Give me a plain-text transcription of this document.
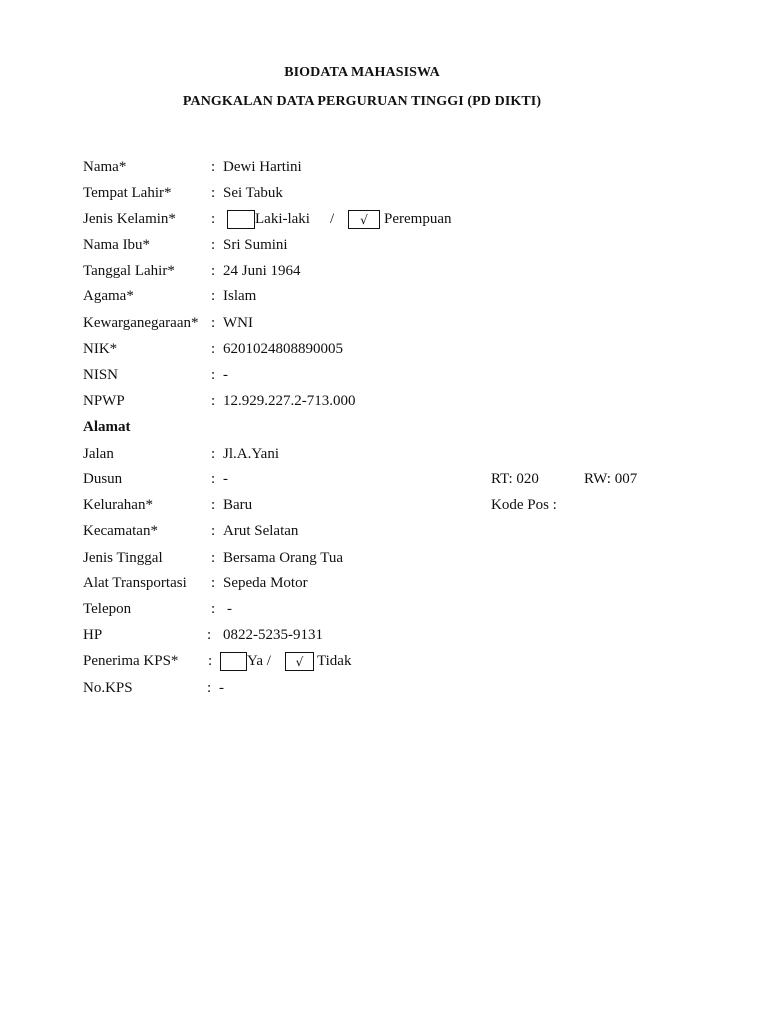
BIODATA MAHASISWA
PANGKALAN DATA PERGURUAN TINGGI (PD DIKTI)
Nama*	: Dewi Hartini
Tempat Lahir*	: Sei Tabuk
Jenis Kelamin* :	Laki-laki /	√	Perempuan
Nama Ibu*	: Sri Sumini
Tanggal Lahir* : 24 Juni 1964
Agama*	: Islam
Kewarganegaraan* : WNI
NIK*	: 6201024808890005
NISN	: -
NPWP	: 12.929.227.2-713.000
Alamat
Jalan	: Jl.A.Yani
Dusun	: -	RT: 020	RW: 007
Kelurahan*	: Baru	Kode Pos :
Kecamatan*	: Arut Selatan
Jenis Tinggal	: Bersama Orang Tua
Alat Transportasi : Sepeda Motor
Telepon	: -
HP	: 0822-5235-9131
Penerima KPS* : Ya /	√ Tidak
No.KPS	: -
